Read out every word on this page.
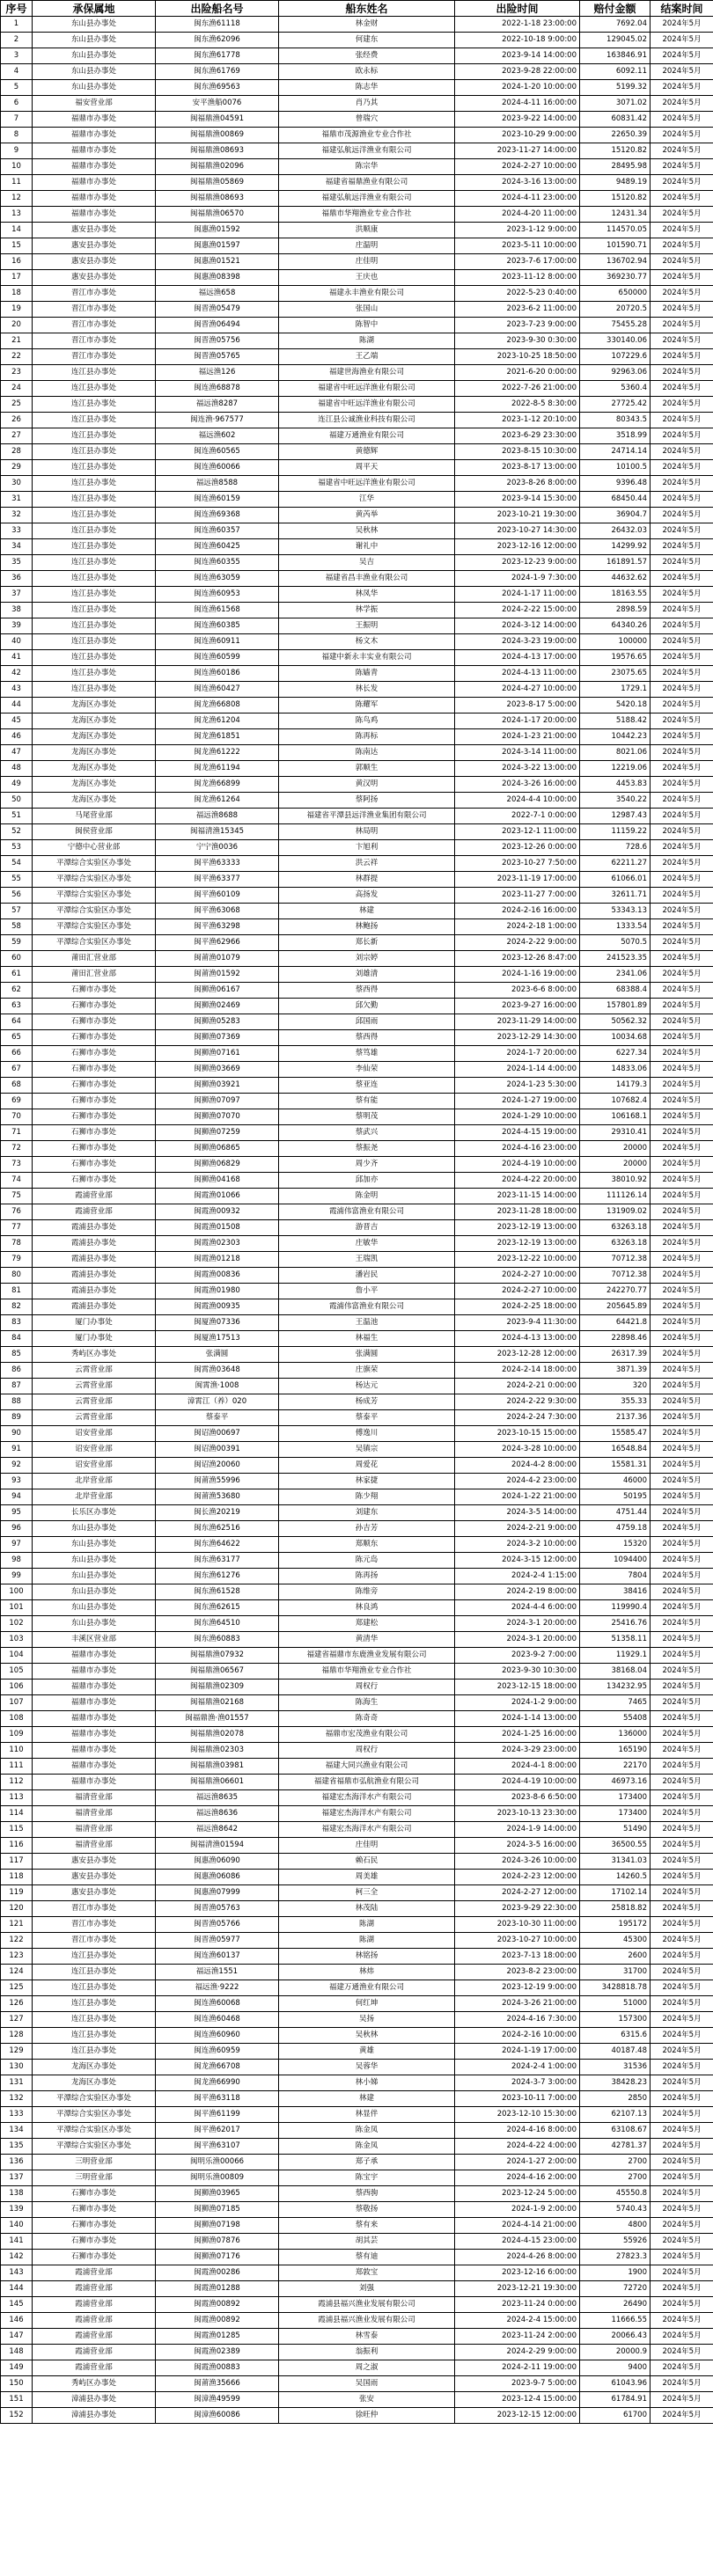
序号	承保属地	出险船名号	船东姓名	出险时间	赔付金额	结案时间
1	东山县办事处	闽东渔61118	林金财	2022-1-18 23:00:00	7692.04	2024年5月
2	东山县办事处	闽东渔62096	何建东	2022-10-18 9:00:00	129045.02	2024年5月
3	东山县办事处	闽东渔61778	张经费	2023-9-14 14:00:00	163846.91	2024年5月
4	东山县办事处	闽东渔61769	欧永标	2023-9-28 22:00:00	6092.11	2024年5月
5	东山县办事处	闽东渔69563	陈志华	2024-1-20 10:00:00	5199.32	2024年5月
6	福安营业部	安平渔船0076	肖乃其	2024-4-11 16:00:00	3071.02	2024年5月
7	福鼎市办事处	闽福鼎渔04591	曾瑞穴	2023-9-22 14:00:00	60831.42	2024年5月
8	福鼎市办事处	闽福鼎渔00869	福鼎市茂源渔业专业合作社	2023-10-29 9:00:00	22650.39	2024年5月
9	福鼎市办事处	闽福鼎渔08693	福建弘航远洋渔业有限公司	2023-11-27 14:00:00	15120.82	2024年5月
10	福鼎市办事处	闽福鼎渔02096	陈宗华	2024-2-27 10:00:00	28495.98	2024年5月
11	福鼎市办事处	闽福鼎渔05869	福建省福鼎渔业有限公司	2024-3-16 13:00:00	9489.19	2024年5月
12	福鼎市办事处	闽福鼎渔08693	福建弘航远洋渔业有限公司	2024-4-11 23:00:00	15120.82	2024年5月
13	福鼎市办事处	闽福鼎渔06570	福鼎市华翔渔业专业合作社	2024-4-20 11:00:00	12431.34	2024年5月
14	惠安县办事处	闽惠渔01592	洪顺康	2023-1-12 9:00:00	114570.05	2024年5月
15	惠安县办事处	闽惠渔01597	庄温明	2023-5-11 10:00:00	101590.71	2024年5月
16	惠安县办事处	闽惠渔01521	庄佳明	2023-7-6 17:00:00	136702.94	2024年5月
17	惠安县办事处	闽惠渔08398	王庆也	2023-11-12 8:00:00	369230.77	2024年5月
18	晋江市办事处	福远渔658	福建永丰渔业有限公司	2022-5-23 0:40:00	650000	2024年5月
19	晋江市办事处	闽晋渔05479	张国山	2023-6-2 11:00:00	20720.5	2024年5月
20	晋江市办事处	闽晋渔06494	陈智中	2023-7-23 9:00:00	75455.28	2024年5月
21	晋江市办事处	闽晋渔05756	陈湖	2023-9-30 0:30:00	330140.06	2024年5月
22	晋江市办事处	闽晋渔05765	王乙端	2023-10-25 18:50:00	107229.6	2024年5月
23	连江县办事处	福远渔126	福建世海渔业有限公司	2021-6-20 0:00:00	92963.06	2024年5月
24	连江县办事处	闽连渔68878	福建省中旺远洋渔业有限公司	2022-7-26 21:00:00	5360.4	2024年5月
25	连江县办事处	福远渔8287	福建省中旺远洋渔业有限公司	2022-8-5 8:30:00	27725.42	2024年5月
26	连江县办事处	闽连渔·967577	连江县公诚渔业科技有限公司	2023-1-12 20:10:00	80343.5	2024年5月
27	连江县办事处	福远渔602	福建万通渔业有限公司	2023-6-29 23:30:00	3518.99	2024年5月
28	连江县办事处	闽连渔60565	黄德辉	2023-8-15 10:30:00	24714.14	2024年5月
29	连江县办事处	闽连渔60066	周平天	2023-8-17 13:00:00	10100.5	2024年5月
30	连江县办事处	福远渔8588	福建省中旺远洋渔业有限公司	2023-8-26 8:00:00	9396.48	2024年5月
31	连江县办事处	闽连渔60159	江华	2023-9-14 15:30:00	68450.44	2024年5月
32	连江县办事处	闽连渔69368	黄芮举	2023-10-21 19:30:00	36904.7	2024年5月
33	连江县办事处	闽连渔60357	吴秋林	2023-10-27 14:30:00	26432.03	2024年5月
34	连江县办事处	闽连渔60425	谢礼中	2023-12-16 12:00:00	14299.92	2024年5月
35	连江县办事处	闽连渔60355	吴吉	2023-12-23 9:00:00	161891.57	2024年5月
36	连江县办事处	闽连渔63059	福建省昌丰渔业有限公司	2024-1-9 7:30:00	44632.62	2024年5月
37	连江县办事处	闽连渔60953	林凤华	2024-1-17 11:00:00	18163.55	2024年5月
38	连江县办事处	闽连渔61568	林学振	2024-2-22 15:00:00	2898.59	2024年5月
39	连江县办事处	闽连渔60385	王振明	2024-3-12 14:00:00	64340.26	2024年5月
40	连江县办事处	闽连渔60911	杨文木	2024-3-23 19:00:00	100000	2024年5月
41	连江县办事处	闽连渔60599	福建中新永丰实业有限公司	2024-4-13 17:00:00	19576.65	2024年5月
42	连江县办事处	闽连渔60186	陈嫱青	2024-4-13 11:00:00	23075.65	2024年5月
43	连江县办事处	闽连渔60427	林长发	2024-4-27 10:00:00	1729.1	2024年5月
44	龙海区办事处	闽龙渔66808	陈耀军	2023-8-17 5:00:00	5420.18	2024年5月
45	龙海区办事处	闽龙渔61204	陈鸟鸡	2024-1-17 20:00:00	5188.42	2024年5月
46	龙海区办事处	闽龙渔61851	陈再标	2024-1-23 21:00:00	10442.23	2024年5月
47	龙海区办事处	闽龙渔61222	陈南达	2024-3-14 11:00:00	8021.06	2024年5月
48	龙海区办事处	闽龙渔61194	郭顺生	2024-3-22 13:00:00	12219.06	2024年5月
49	龙海区办事处	闽龙渔66899	黄汉明	2024-3-26 16:00:00	4453.83	2024年5月
50	龙海区办事处	闽龙渔61264	蔡阿扬	2024-4-4 10:00:00	3540.22	2024年5月
51	马尾营业部	福远渔8688	福建省平潭县远洋渔业集团有限公司	2022-7-1 0:00:00	12987.43	2024年5月
52	闽侯营业部	闽福清渔15345	林局明	2023-12-1 11:00:00	11159.22	2024年5月
53	宁德中心营业部	宁宁渔0036	卞旭利	2023-12-26 0:00:00	728.6	2024年5月
54	平潭综合实验区办事处	闽平渔63333	洪云祥	2023-10-27 7:50:00	62211.27	2024年5月
55	平潭综合实验区办事处	闽平渔63377	林群提	2023-11-19 17:00:00	61066.01	2024年5月
56	平潭综合实验区办事处	闽平渔60109	高扬发	2023-11-27 7:00:00	32611.71	2024年5月
57	平潭综合实验区办事处	闽平渔63068	林建	2024-2-16 16:00:00	53343.13	2024年5月
58	平潭综合实验区办事处	闽平渔63298	林鲍扬	2024-2-18 1:00:00	1333.54	2024年5月
59	平潭综合实验区办事处	闽平渔62966	郑长新	2024-2-22 9:00:00	5070.5	2024年5月
60	莆田汇营业部	闽莆渔01079	刘宗婷	2023-12-26 8:47:00	241523.35	2024年5月
61	莆田汇营业部	闽莆渔01592	刘雄清	2024-1-16 19:00:00	2341.06	2024年5月
62	石狮市办事处	闽狮渔06167	蔡西得	2023-6-6 8:00:00	68388.4	2024年5月
63	石狮市办事处	闽狮渔02469	邱欠勤	2023-9-27 16:00:00	157801.89	2024年5月
64	石狮市办事处	闽狮渔05283	邱国雨	2023-11-29 14:00:00	50562.32	2024年5月
65	石狮市办事处	闽狮渔07369	蔡西得	2023-12-29 14:30:00	10034.68	2024年5月
66	石狮市办事处	闽狮渔07161	蔡笃雄	2024-1-7 20:00:00	6227.34	2024年5月
67	石狮市办事处	闽狮渔03669	李仙荣	2024-1-14 4:00:00	14833.06	2024年5月
68	石狮市办事处	闽狮渔03921	蔡亚连	2024-1-23 5:30:00	14179.3	2024年5月
69	石狮市办事处	闽狮渔07097	蔡有能	2024-1-27 19:00:00	107682.4	2024年5月
70	石狮市办事处	闽狮渔07070	蔡明茂	2024-1-29 10:00:00	106168.1	2024年5月
71	石狮市办事处	闽狮渔07259	蔡武兴	2024-4-15 19:00:00	29310.41	2024年5月
72	石狮市办事处	闽狮渔06865	蔡振尧	2024-4-16 23:00:00	20000	2024年5月
73	石狮市办事处	闽狮渔06829	周少齐	2024-4-19 10:00:00	20000	2024年5月
74	石狮市办事处	闽狮渔04168	邱加亦	2024-4-22 20:00:00	38010.92	2024年5月
75	霞浦营业部	闽霞渔01066	陈金明	2023-11-15 14:00:00	111126.14	2024年5月
76	霞浦营业部	闽霞渔00932	霞浦伟富渔业有限公司	2023-11-28 18:00:00	131909.02	2024年5月
77	霞浦县办事处	闽霞渔01508	游晋吉	2023-12-19 13:00:00	63263.18	2024年5月
78	霞浦县办事处	闽霞渔02303	庄敏华	2023-12-19 13:00:00	63263.18	2024年5月
79	霞浦县办事处	闽霞渔01218	王瑞凯	2023-12-22 10:00:00	70712.38	2024年5月
80	霞浦县办事处	闽霞渔00836	潘岩民	2024-2-27 10:00:00	70712.38	2024年5月
81	霞浦县办事处	闽霞渔01980	詹小平	2024-2-27 10:00:00	242270.77	2024年5月
82	霞浦县办事处	闽霞渔00935	霞浦伟富渔业有限公司	2024-2-25 18:00:00	205645.89	2024年5月
83	厦门办事处	闽厦渔07336	王温池	2023-9-4 11:30:00	64421.8	2024年5月
84	厦门办事处	闽厦渔17513	林福生	2024-4-13 13:00:00	22898.46	2024年5月
85	秀屿区办事处	张满圆	张满圆	2023-12-28 12:00:00	26317.39	2024年5月
86	云霄营业部	闽霄渔03648	庄旗荣	2024-2-14 18:00:00	3871.39	2024年5月
87	云霄营业部	闽霄渔·1008	杨达元	2024-2-21 0:00:00	320	2024年5月
88	云霄营业部	漳霄江（养）020	杨成芳	2024-2-22 9:30:00	355.33	2024年5月
89	云霄营业部	蔡泰平	蔡泰平	2024-2-24 7:30:00	2137.36	2024年5月
90	诏安营业部	闽诏渔00697	傅逸川	2023-10-15 15:00:00	15585.47	2024年5月
91	诏安营业部	闽诏渔00391	吴镇宗	2024-3-28 10:00:00	16548.84	2024年5月
92	诏安营业部	闽诏渔20060	周爱花	2024-4-2 8:00:00	15581.31	2024年5月
93	北岸营业部	闽莆渔55996	林家捷	2024-4-2 23:00:00	46000	2024年5月
94	北岸营业部	闽莆渔53680	陈少翔	2024-1-22 21:00:00	50195	2024年5月
95	长乐区办事处	闽长渔20219	刘建东	2024-3-5 14:00:00	4751.44	2024年5月
96	东山县办事处	闽东渔62516	孙吉芳	2024-2-21 9:00:00	4759.18	2024年5月
97	东山县办事处	闽东渔64622	郑顺东	2024-3-2 10:00:00	15320	2024年5月
98	东山县办事处	闽东渔63177	陈元岛	2024-3-15 12:00:00	1094400	2024年5月
99	东山县办事处	闽东渔61276	陈再扬	2024-2-4 1:15:00	7804	2024年5月
100	东山县办事处	闽东渔61528	陈维旁	2024-2-19 8:00:00	38416	2024年5月
101	东山县办事处	闽东渔62615	林良鸿	2024-4-4 6:00:00	119990.4	2024年5月
102	东山县办事处	闽东渔64510	郑建松	2024-3-1 20:00:00	25416.76	2024年5月
103	丰溪区营业部	闽东渔60883	黄清华	2024-3-1 20:00:00	51358.11	2024年5月
104	福鼎市办事处	闽福鼎渔07932	福建省福鼎市东鹿渔业发展有限公司	2023-9-2 7:00:00	11929.1	2024年5月
105	福鼎市办事处	闽福鼎渔06567	福鼎市华翔渔业专业合作社	2023-9-30 10:30:00	38168.04	2024年5月
106	福鼎市办事处	闽福鼎渔02309	周权行	2023-12-15 18:00:00	134232.95	2024年5月
107	福鼎市办事处	闽福鼎渔02168	陈海生	2024-1-2 9:00:00	7465	2024年5月
108	福鼎市办事处	闽福鼎渔·渔01557	陈奇奇	2024-1-14 13:00:00	55408	2024年5月
109	福鼎市办事处	闽福鼎渔02078	福鼎市宏茂渔业有限公司	2024-1-25 16:00:00	136000	2024年5月
110	福鼎市办事处	闽福鼎渔02303	周权行	2024-3-29 23:00:00	165190	2024年5月
111	福鼎市办事处	闽福鼎渔03981	福建大同兴渔业有限公司	2024-4-1 8:00:00	22170	2024年5月
112	福鼎市办事处	闽福鼎渔06601	福建省福鼎市弘航渔业有限公司	2024-4-19 10:00:00	46973.16	2024年5月
113	福清营业部	福远渔8635	福建宏杰海洋水产有限公司	2023-8-6 6:50:00	173400	2024年5月
114	福清营业部	福远渔8636	福建宏杰海洋水产有限公司	2023-10-13 23:30:00	173400	2024年5月
115	福清营业部	福远渔8642	福建宏杰海洋水产有限公司	2024-1-9 14:00:00	51490	2024年5月
116	福清营业部	闽福清渔01594	庄佳明	2024-3-5 16:00:00	36500.55	2024年5月
117	惠安县办事处	闽惠渔06090	赖石民	2024-3-26 10:00:00	31341.03	2024年5月
118	惠安县办事处	闽惠渔06086	周美雄	2024-2-23 12:00:00	14260.5	2024年5月
119	惠安县办事处	闽惠渔07999	柯三全	2024-2-27 12:00:00	17102.14	2024年5月
120	晋江市办事处	闽晋渔05763	林茂陆	2023-9-29 22:30:00	25818.82	2024年5月
121	晋江市办事处	闽晋渔05766	陈湖	2023-10-30 11:00:00	195172	2024年5月
122	晋江市办事处	闽晋渔05977	陈湖	2023-10-27 10:00:00	45300	2024年5月
123	连江县办事处	闽连渔60137	林铭扬	2023-7-13 18:00:00	2600	2024年5月
124	连江县办事处	福远渔1551	林炜	2023-8-2 23:00:00	31700	2024年5月
125	连江县办事处	福远渔·9222	福建万通渔业有限公司	2023-12-19 9:00:00	3428818.78	2024年5月
126	连江县办事处	闽连渔60068	何红坤	2024-3-26 21:00:00	51000	2024年5月
127	连江县办事处	闽连渔60468	吴扬	2024-4-16 7:30:00	157300	2024年5月
128	连江县办事处	闽连渔60960	吴秋林	2024-2-16 10:00:00	6315.6	2024年5月
129	连江县办事处	闽连渔60959	黄雄	2024-1-19 17:00:00	40187.48	2024年5月
130	龙海区办事处	闽龙渔66708	吴蓉华	2024-2-4 1:00:00	31536	2024年5月
131	龙海区办事处	闽龙渔66990	林小娣	2024-3-7 3:00:00	38428.23	2024年5月
132	平潭综合实验区办事处	闽平渔63118	林建	2023-10-11 7:00:00	2850	2024年5月
133	平潭综合实验区办事处	闽平渔61199	林显伴	2023-12-10 15:30:00	62107.13	2024年5月
134	平潭综合实验区办事处	闽平渔62017	陈金凤	2024-4-16 8:00:00	63108.67	2024年5月
135	平潭综合实验区办事处	闽平渔63107	陈金凤	2024-4-22 4:00:00	42781.37	2024年5月
136	三明营业部	闽明乐渔00066	郑子承	2024-1-27 2:00:00	2700	2024年5月
137	三明营业部	闽明乐渔00809	陈宝宇	2024-4-16 2:00:00	2700	2024年5月
138	石狮市办事处	闽狮渔03965	蔡西驹	2023-12-24 5:00:00	45550.8	2024年5月
139	石狮市办事处	闽狮渔07185	蔡敬扬	2024-1-9 2:00:00	5740.43	2024年5月
140	石狮市办事处	闽狮渔07198	蔡有来	2024-4-14 21:00:00	4800	2024年5月
141	石狮市办事处	闽狮渔07876	胡其芸	2024-4-15 23:00:00	55926	2024年5月
142	石狮市办事处	闽狮渔07176	蔡有迪	2024-4-26 8:00:00	27823.3	2024年5月
143	霞浦营业部	闽霞渔00286	郑敦宝	2023-12-16 6:00:00	1900	2024年5月
144	霞浦营业部	闽霞渔01288	刘强	2023-12-21 19:30:00	72720	2024年5月
145	霞浦营业部	闽霞渔00892	霞浦县福兴渔业发展有限公司	2023-11-24 0:00:00	26490	2024年5月
146	霞浦营业部	闽霞渔00892	霞浦县福兴渔业发展有限公司	2024-2-4 15:00:00	11666.55	2024年5月
147	霞浦营业部	闽霞渔01285	林雪泰	2023-11-24 2:00:00	20066.43	2024年5月
148	霞浦营业部	闽霞渔02389	翁振利	2024-2-29 9:00:00	20000.9	2024年5月
149	霞浦营业部	闽霞渔00883	周之淑	2024-2-11 19:00:00	9400	2024年5月
150	秀屿区办事处	闽莆渔35666	吴国雨	2023-9-7 5:00:00	61043.96	2024年5月
151	漳浦县办事处	闽漳渔49599	张安	2023-12-4 15:00:00	61784.91	2024年5月
152	漳浦县办事处	闽漳渔60086	徐旺仲	2023-12-15 12:00:00	61700	2024年5月
